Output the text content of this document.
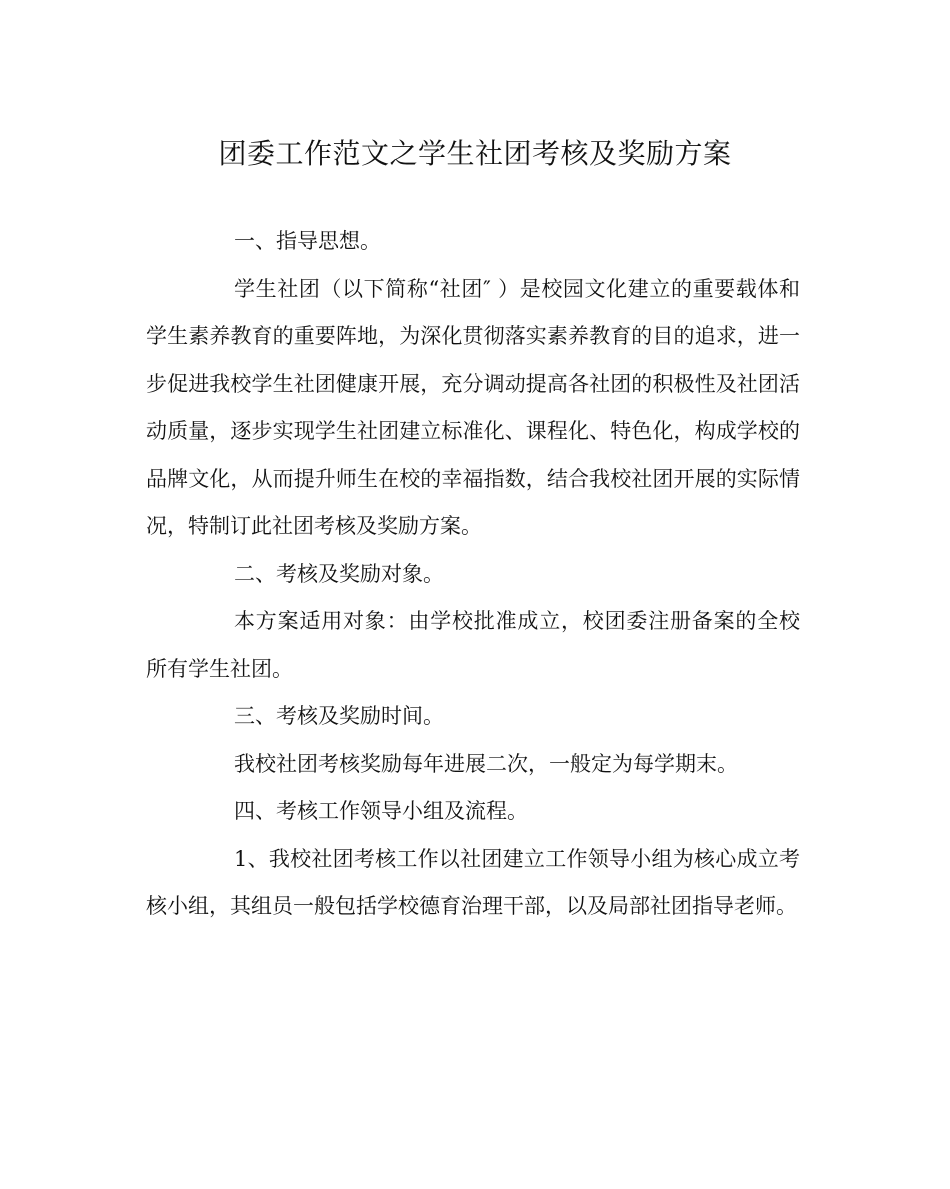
团委工作范文之学生社团考核及奖励方案

一、指导思想。

学生社团（以下简称“社团″ ）是校园文化建立的重要载体和学生素养教育的重要阵地，为深化贯彻落实素养教育的目的追求，进一步促进我校学生社团健康开展，充分调动提高各社团的积极性及社团活动质量，逐步实现学生社团建立标准化、课程化、特色化，构成学校的品牌文化，从而提升师生在校的幸福指数，结合我校社团开展的实际情况，特制订此社团考核及奖励方案。

二、考核及奖励对象。

本方案适用对象：由学校批准成立，校团委注册备案的全校所有学生社团。

三、考核及奖励时间。

我校社团考核奖励每年进展二次，一般定为每学期末。

四、考核工作领导小组及流程。

1、我校社团考核工作以社团建立工作领导小组为核心成立考核小组，其组员一般包括学校德育治理干部，以及局部社团指导老师。
